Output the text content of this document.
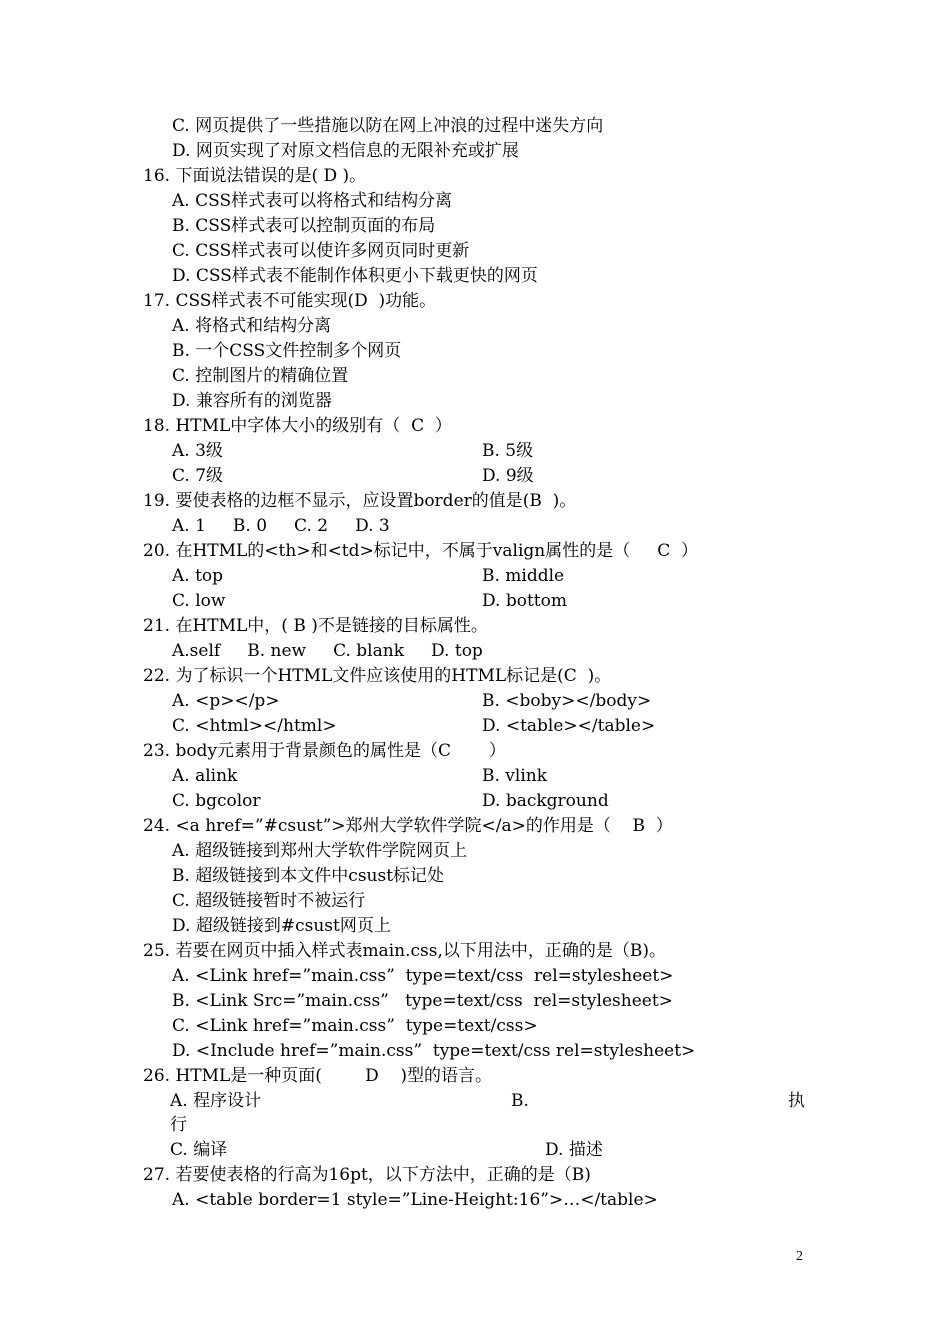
C. 网页提供了一些措施以防在网上冲浪的过程中迷失方向
D. 网页实现了对原文档信息的无限补充或扩展
16. 下面说法错误的是( D )。
A. CSS样式表可以将格式和结构分离
B. CSS样式表可以控制页面的布局
C. CSS样式表可以使许多网页同时更新
D. CSS样式表不能制作体积更小下载更快的网页
17. CSS样式表不可能实现(D  )功能。
A. 将格式和结构分离
B. 一个CSS文件控制多个网页
C. 控制图片的精确位置
D. 兼容所有的浏览器
18. HTML中字体大小的级别有（  C  ）
A. 3级	B. 5级
C. 7级	D. 9级
19. 要使表格的边框不显示，应设置border的值是(B  )。
A. 1     B. 0     C. 2     D. 3
20. 在HTML的<th>和<td>标记中，不属于valign属性的是（     C  ）
A. top	B. middle
C. low	D. bottom
21. 在HTML中，( B )不是链接的目标属性。
A.self     B. new     C. blank     D. top
22. 为了标识一个HTML文件应该使用的HTML标记是(C  )。
A. <p></p>	B. <boby></body>
C. <html></html>	D. <table></table>
23. body元素用于背景颜色的属性是（C       ）
A. alink	B. vlink
C. bgcolor	D. background
24. <a href=”#csust”>郑州大学软件学院</a>的作用是（    B  ）
A. 超级链接到郑州大学软件学院网页上
B. 超级链接到本文件中csust标记处
C. 超级链接暂时不被运行
D. 超级链接到#csust网页上
25. 若要在网页中插入样式表main.css,以下用法中，正确的是（B)。
A. <Link href=”main.css”  type=text/css  rel=stylesheet>
B. <Link Src=”main.css”   type=text/css  rel=stylesheet>
C. <Link href=”main.css”  type=text/css>
D. <Include href=”main.css”  type=text/css rel=stylesheet>
26. HTML是一种页面(        D    )型的语言。
A. 程序设计	B.	执
行
C. 编译	D. 描述
27. 若要使表格的行高为16pt，以下方法中，正确的是（B)
A. <table border=1 style=”Line-Height:16”>…</table>
2
